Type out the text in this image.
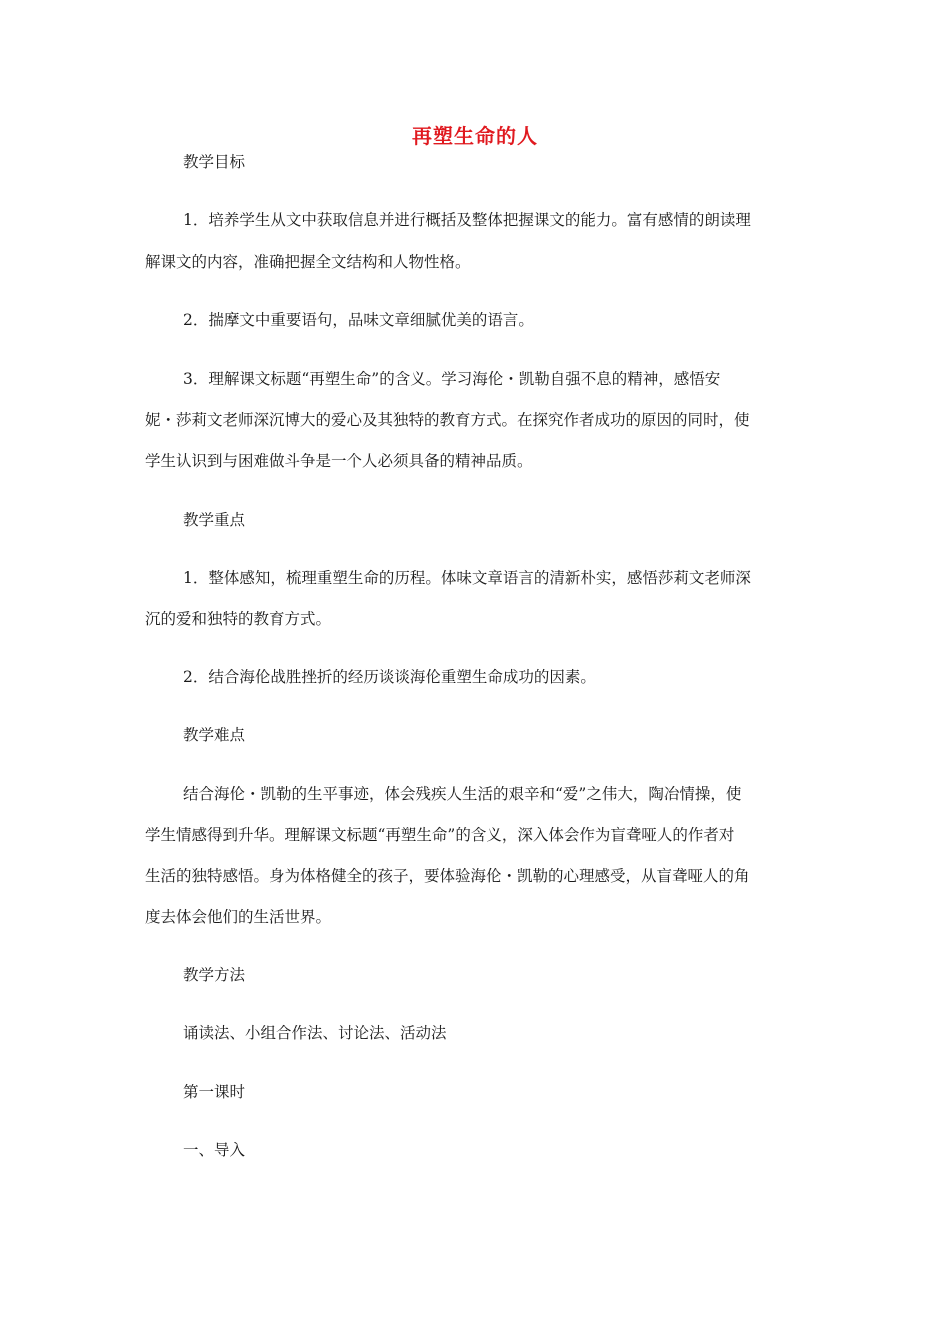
再塑生命的人
教学目标
1．培养学生从文中获取信息并进行概括及整体把握课文的能力。富有感情的朗读理
解课文的内容，准确把握全文结构和人物性格。
2．揣摩文中重要语句，品味文章细腻优美的语言。
3．理解课文标题“再塑生命”的含义。学习海伦・凯勒自强不息的精神，感悟安
妮・莎莉文老师深沉博大的爱心及其独特的教育方式。在探究作者成功的原因的同时，使
学生认识到与困难做斗争是一个人必须具备的精神品质。
教学重点
1．整体感知，梳理重塑生命的历程。体味文章语言的清新朴实，感悟莎莉文老师深
沉的爱和独特的教育方式。
2．结合海伦战胜挫折的经历谈谈海伦重塑生命成功的因素。
教学难点
结合海伦・凯勒的生平事迹，体会残疾人生活的艰辛和“爱”之伟大，陶冶情操，使
学生情感得到升华。理解课文标题“再塑生命”的含义，深入体会作为盲聋哑人的作者对
生活的独特感悟。身为体格健全的孩子，要体验海伦・凯勒的心理感受，从盲聋哑人的角
度去体会他们的生活世界。
教学方法
诵读法、小组合作法、讨论法、活动法
第一课时
一、导入
